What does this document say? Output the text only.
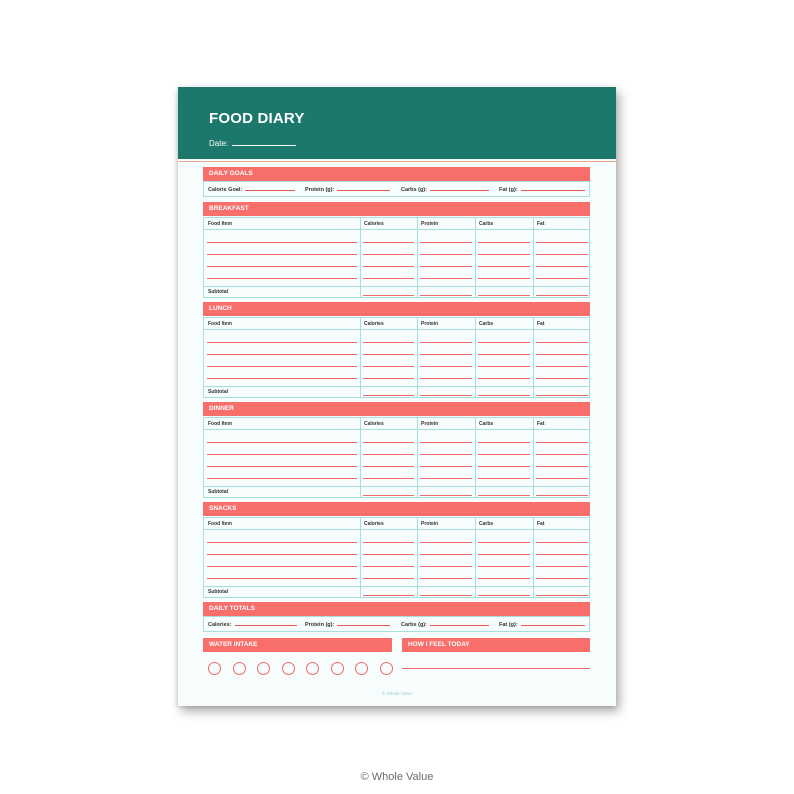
FOOD DIARY
Date:
DAILY GOALS
Calorie Goal:	Protein (g):	Carbs (g):	Fat (g):
BREAKFAST
Food Item	Calories	Protein	Carbs	Fat
Subtotal
LUNCH
Food Item	Calories	Protein	Carbs	Fat
Subtotal
DINNER
Food Item	Calories	Protein	Carbs	Fat
Subtotal
SNACKS
Food Item	Calories	Protein	Carbs	Fat
Subtotal
DAILY TOTALS
Calories:	Protein (g):	Carbs (g):	Fat (g):
WATER INTAKE	HOW I FEEL TODAY
© Whole Value
© Whole Value
